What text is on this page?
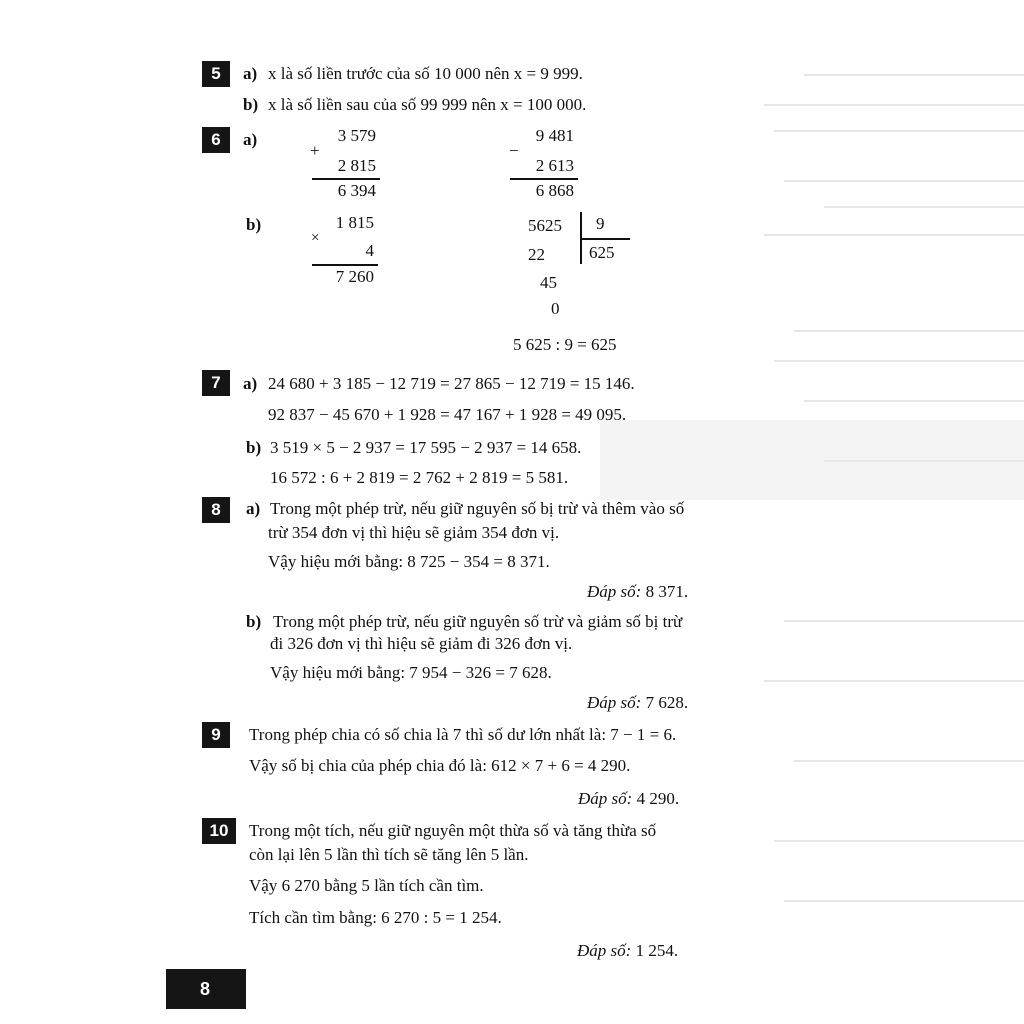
5	a) x là số liền trước của số 10 000 nên x = 9 999.
b) x là số liền sau của số 99 999 nên x = 100 000.
6	a)	3 579
+
2 815
6 394
9 481
−
2 613
6 868
b)	1 815
×
4
7 260
5625 9
22	625
45
0
5 625 : 9 = 625
7	a) 24 680 + 3 185 − 12 719 = 27 865 − 12 719 = 15 146.
92 837 − 45 670 + 1 928 = 47 167 + 1 928 = 49 095.
b) 3 519 × 5 − 2 937 = 17 595 − 2 937 = 14 658.
16 572 : 6 + 2 819 = 2 762 + 2 819 = 5 581.
8	a) Trong một phép trừ, nếu giữ nguyên số bị trừ và thêm vào số
trừ 354 đơn vị thì hiệu sẽ giảm 354 đơn vị.
Vậy hiệu mới bằng: 8 725 − 354 = 8 371.
Đáp số: 8 371.
b) Trong một phép trừ, nếu giữ nguyên số trừ và giảm số bị trừ
đi 326 đơn vị thì hiệu sẽ giảm đi 326 đơn vị.
Vậy hiệu mới bằng: 7 954 − 326 = 7 628.
Đáp số: 7 628.
9	Trong phép chia có số chia là 7 thì số dư lớn nhất là: 7 − 1 = 6.
Vậy số bị chia của phép chia đó là: 612 × 7 + 6 = 4 290.
Đáp số: 4 290.
10	Trong một tích, nếu giữ nguyên một thừa số và tăng thừa số
còn lại lên 5 lần thì tích sẽ tăng lên 5 lần.
Vậy 6 270 bằng 5 lần tích cần tìm.
Tích cần tìm bằng: 6 270 : 5 = 1 254.
Đáp số: 1 254.
8
